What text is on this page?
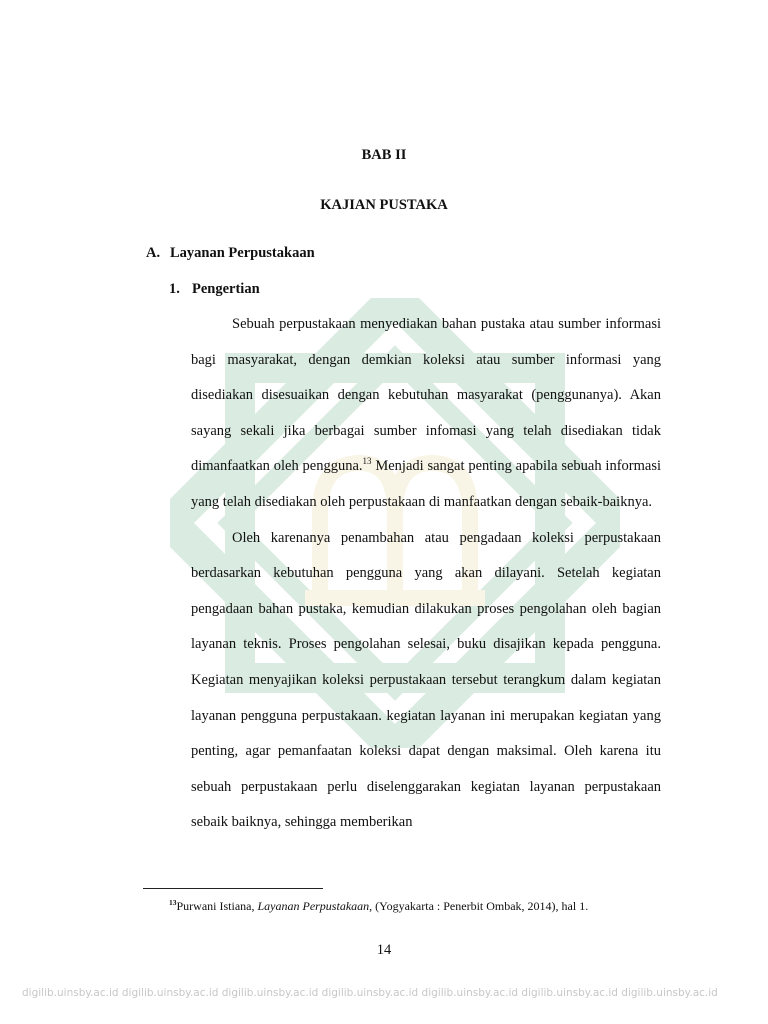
BAB II
KAJIAN PUSTAKA
A. Layanan Perpustakaan
1. Pengertian

Sebuah perpustakaan menyediakan bahan pustaka atau sumber informasi bagi masyarakat, dengan demkian koleksi atau sumber informasi yang disediakan disesuaikan dengan kebutuhan masyarakat (penggunanya). Akan sayang sekali jika berbagai sumber infomasi yang telah disediakan tidak dimanfaatkan oleh pengguna.$^{13}$ Menjadi sangat penting apabila sebuah informasi yang telah disediakan oleh perpustakaan di manfaatkan dengan sebaik-baiknya.

Oleh karenanya penambahan atau pengadaan koleksi perpustakaan berdasarkan kebutuhan pengguna yang akan dilayani. Setelah kegiatan pengadaan bahan pustaka, kemudian dilakukan proses pengolahan oleh bagian layanan teknis. Proses pengolahan selesai, buku disajikan kepada pengguna. Kegiatan menyajikan koleksi perpustakaan tersebut terangkum dalam kegiatan layanan pengguna perpustakaan. kegiatan layanan ini merupakan kegiatan yang penting, agar pemanfaatan koleksi dapat dengan maksimal. Oleh karena itu sebuah perpustakaan perlu diselenggarakan kegiatan layanan perpustakaan sebaik baiknya, sehingga memberikan

$^{13}$Purwani Istiana, Layanan Perpustakaan, (Yogyakarta : Penerbit Ombak, 2014), hal 1.

14

digilib.uinsby.ac.id digilib.uinsby.ac.id digilib.uinsby.ac.id digilib.uinsby.ac.id digilib.uinsby.ac.id digilib.uinsby.ac.id digilib.uinsby.ac.id
